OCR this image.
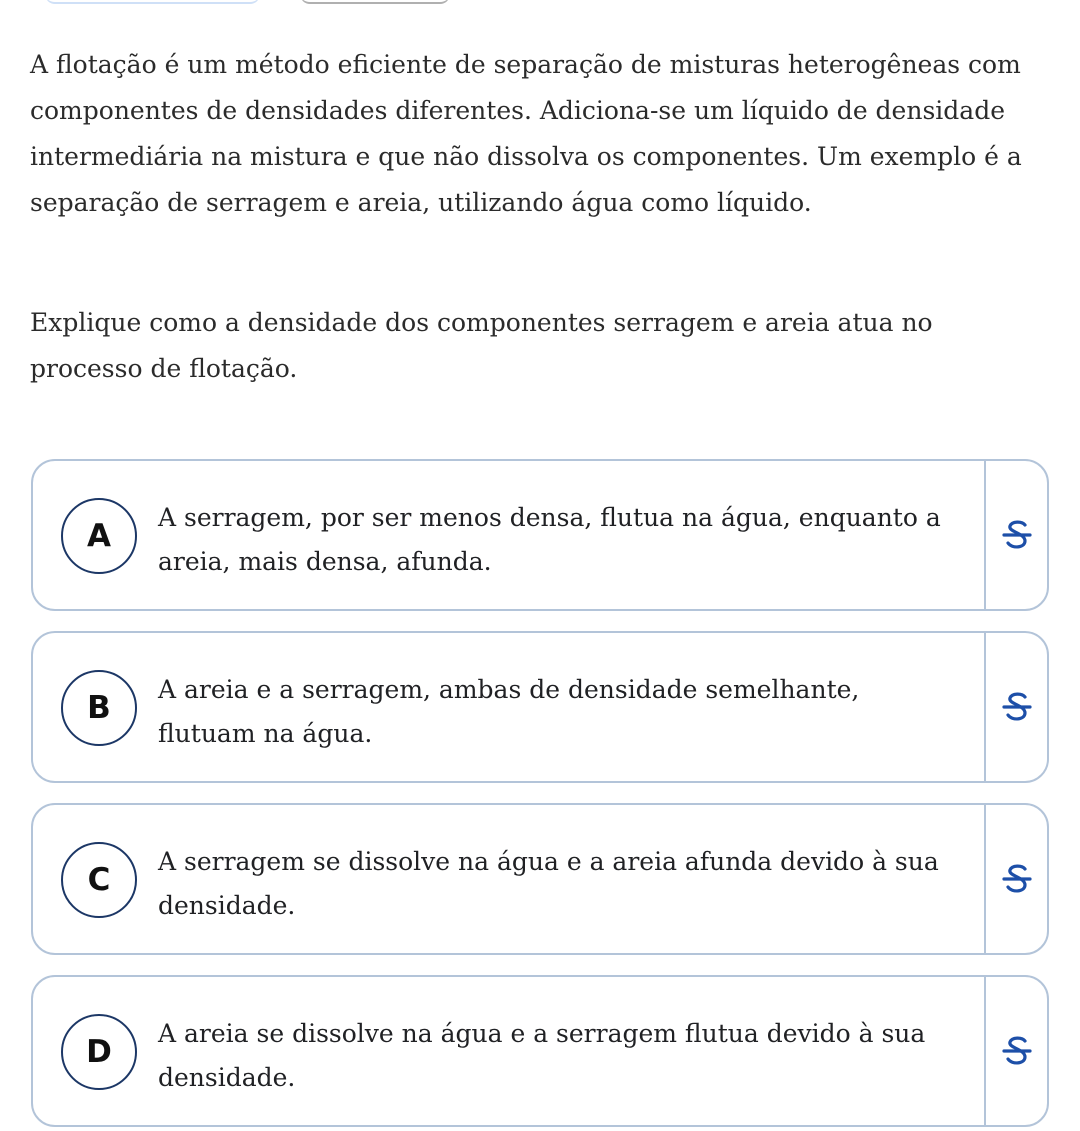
A flotação é um método eficiente de separação de misturas heterogêneas com componentes de densidades diferentes. Adiciona-se um líquido de densidade intermediária na mistura e que não dissolva os componentes. Um exemplo é a separação de serragem e areia, utilizando água como líquido.
Explique como a densidade dos componentes serragem e areia atua no processo de flotação.
A
A serragem, por ser menos densa, flutua na água, enquanto a areia, mais densa, afunda.
B
A areia e a serragem, ambas de densidade semelhante, flutuam na água.
C
A serragem se dissolve na água e a areia afunda devido à sua densidade.
D
A areia se dissolve na água e a serragem flutua devido à sua densidade.
